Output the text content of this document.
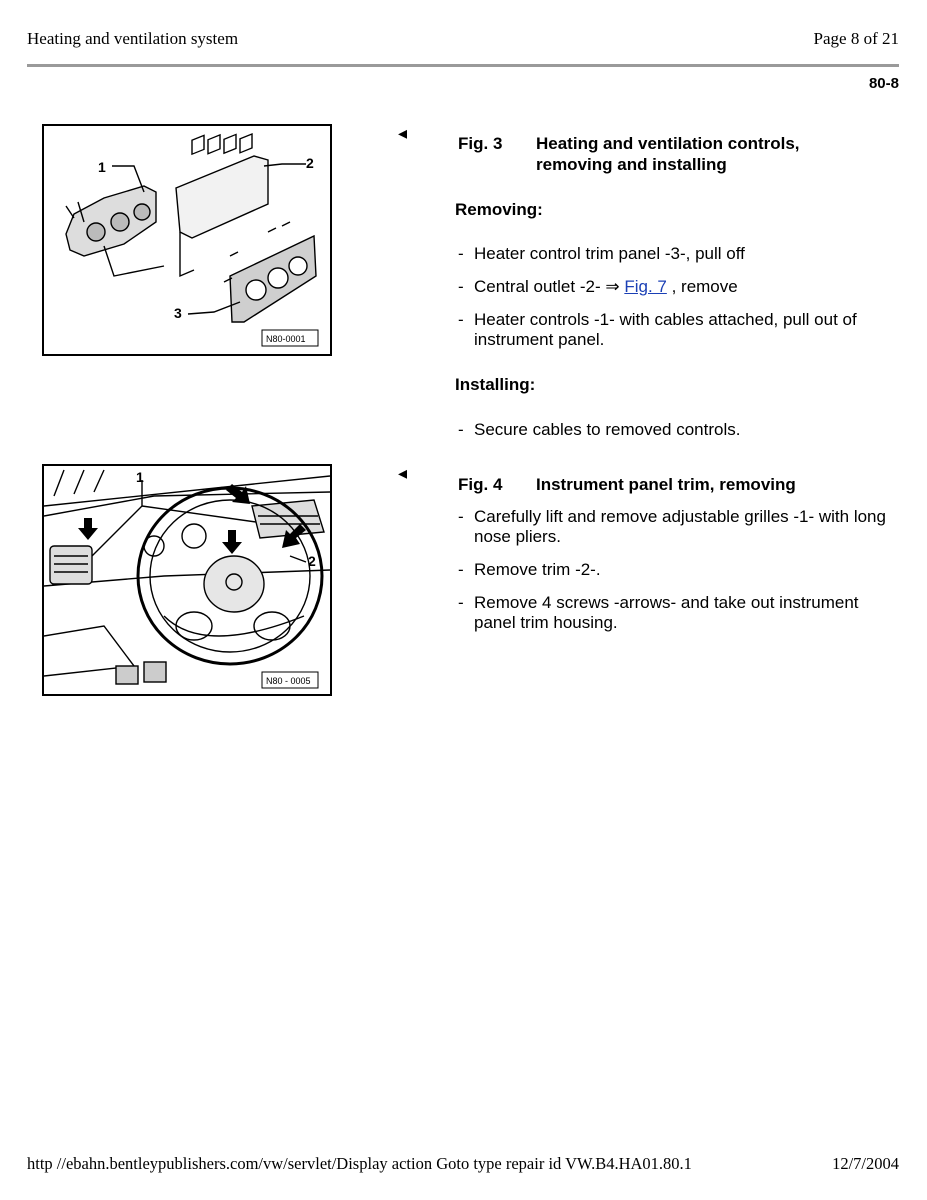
Heating and ventilation system	Page 8 of 21
80-8
1	2
3
N80-0001
◂
Fig. 3	Heating and ventilation controls, removing and installing
Removing:
- Heater control trim panel -3-, pull off
- Central outlet -2- ⇒ Fig. 7 , remove
- Heater controls -1- with cables attached, pull out of instrument panel.
Installing:
- Secure cables to removed controls.
1
2
N80 - 0005
◂
Fig. 4	Instrument panel trim, removing
- Carefully lift and remove adjustable grilles -1- with long nose pliers.
- Remove trim -2-.
- Remove 4 screws -arrows- and take out instrument panel trim housing.
http //ebahn.bentleypublishers.com/vw/servlet/Display action Goto type repair id VW.B4.HA01.80.1	12/7/2004
